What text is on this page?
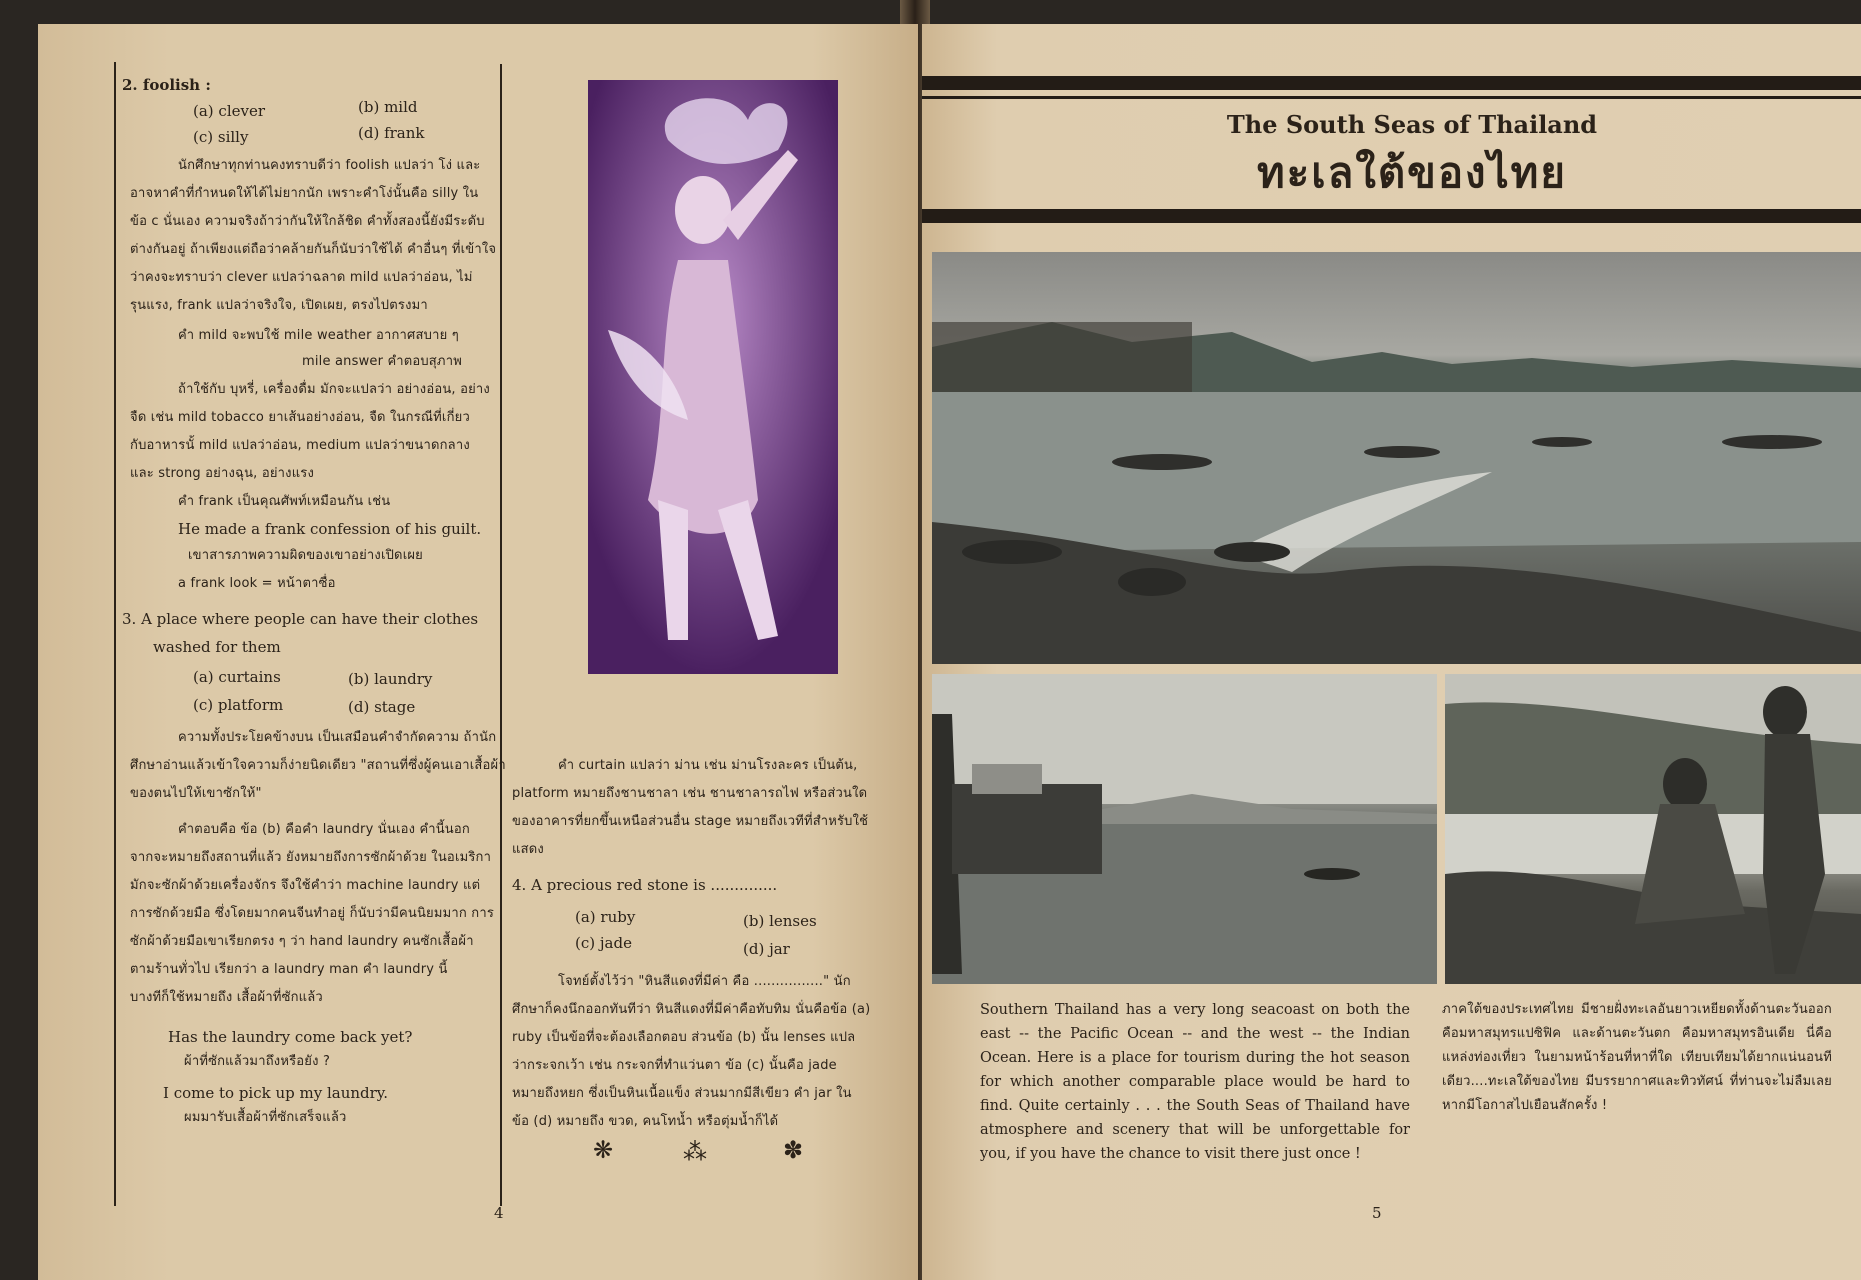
2. foolish :
(a) clever	(b) mild
(c) silly	(d) frank
นักศึกษาทุกท่านคงทราบดีว่า foolish แปลว่า โง่ และ
อาจหาคำที่กำหนดให้ได้ไม่ยากนัก เพราะคำโง่นั้นคือ silly ใน
ข้อ c นั่นเอง ความจริงถ้าว่ากันให้ใกล้ชิด คำทั้งสองนี้ยังมีระดับ
ต่างกันอยู่ ถ้าเพียงแต่ถือว่าคล้ายกันก็นับว่าใช้ได้ คำอื่นๆ ที่เข้าใจ
ว่าคงจะทราบว่า clever แปลว่าฉลาด mild แปลว่าอ่อน, ไม่
รุนแรง, frank แปลว่าจริงใจ, เปิดเผย, ตรงไปตรงมา
คำ mild จะพบใช้ mile weather อากาศสบาย ๆ
mile answer คำตอบสุภาพ
ถ้าใช้กับ บุหรี่, เครื่องดื่ม มักจะแปลว่า อย่างอ่อน, อย่าง
จืด เช่น mild tobacco ยาเส้นอย่างอ่อน, จืด ในกรณีที่เกี่ยว
กับอาหารนั้ mild แปลว่าอ่อน, medium แปลว่าขนาดกลาง
และ strong อย่างฉุน, อย่างแรง
คำ frank เป็นคุณศัพท์เหมือนกัน เช่น
He made a frank confession of his guilt.
เขาสารภาพความผิดของเขาอย่างเปิดเผย
a frank look = หน้าตาซื่อ
3. A place where people can have their clothes
washed for them
(a) curtains	(b) laundry
(c) platform	(d) stage
ความทั้งประโยคข้างบน เป็นเสมือนคำจำกัดความ ถ้านัก
ศึกษาอ่านแล้วเข้าใจความก็ง่ายนิดเดียว "สถานที่ซึ่งผู้คนเอาเสื้อผ้า
ของตนไปให้เขาซักให้"
คำตอบคือ ข้อ (b) คือคำ laundry นั่นเอง คำนี้นอก
จากจะหมายถึงสถานที่แล้ว ยังหมายถึงการซักผ้าด้วย ในอเมริกา
มักจะซักผ้าด้วยเครื่องจักร จึงใช้คำว่า machine laundry แต่
การซักด้วยมือ ซึ่งโดยมากคนจีนทำอยู่ ก็นับว่ามีคนนิยมมาก การ
ซักผ้าด้วยมือเขาเรียกตรง ๆ ว่า hand laundry คนซักเสื้อผ้า
ตามร้านทั่วไป เรียกว่า a laundry man คำ laundry นี้
บางทีก็ใช้หมายถึง เสื้อผ้าที่ซักแล้ว
Has the laundry come back yet?
ผ้าที่ซักแล้วมาถึงหรือยัง ?
I come to pick up my laundry.
ผมมารับเสื้อผ้าที่ซักเสร็จแล้ว
คำ curtain แปลว่า ม่าน เช่น ม่านโรงละคร เป็นต้น,
platform หมายถึงชานชาลา เช่น ชานชาลารถไฟ หรือส่วนใด
ของอาคารที่ยกขึ้นเหนือส่วนอื่น stage หมายถึงเวทีที่สำหรับใช้
แสดง
4. A precious red stone is ..............
(a) ruby	(b) lenses
(c) jade	(d) jar
โจทย์ตั้งไว้ว่า "หินสีแดงที่มีค่า คือ ................" นัก
ศึกษาก็คงนึกออกทันทีว่า หินสีแดงที่มีค่าคือทับทิม นั่นคือข้อ (a)
ruby เป็นข้อที่จะต้องเลือกตอบ ส่วนข้อ (b) นั้น lenses แปล
ว่ากระจกเว้า เช่น กระจกที่ทำแว่นตา ข้อ (c) นั้นคือ jade
หมายถึงหยก ซึ่งเป็นหินเนื้อแข็ง ส่วนมากมีสีเขียว คำ jar ใน
ข้อ (d) หมายถึง ขวด, คนโทน้ำ หรือตุ่มน้ำก็ได้
❋	⁂	✽
4
The South Seas of Thailand
ทะเลใต้ของไทย
Southern Thailand has a very long seacoast on both the east -- the Pacific Ocean -- and the west -- the Indian Ocean. Here is a place for tourism during the hot season for which another comparable place would be hard to find. Quite certainly . . . the South Seas of Thailand have atmosphere and scenery that will be unforgettable for you, if you have the chance to visit there just once !
ภาคใต้ของประเทศไทย มีชายฝั่งทะเลอันยาวเหยียดทั้งด้านตะวันออก คือมหาสมุทรแปซิฟิค และด้านตะวันตก คือมหาสมุทรอินเดีย นี่คือแหล่งท่องเที่ยว ในยามหน้าร้อนที่หาที่ใด เทียบเทียมได้ยากแน่นอนทีเดียว....ทะเลใต้ของไทย มีบรรยากาศและทิวทัศน์ ที่ท่านจะไม่ลืมเลย หากมีโอกาสไปเยือนสักครั้ง !
5
